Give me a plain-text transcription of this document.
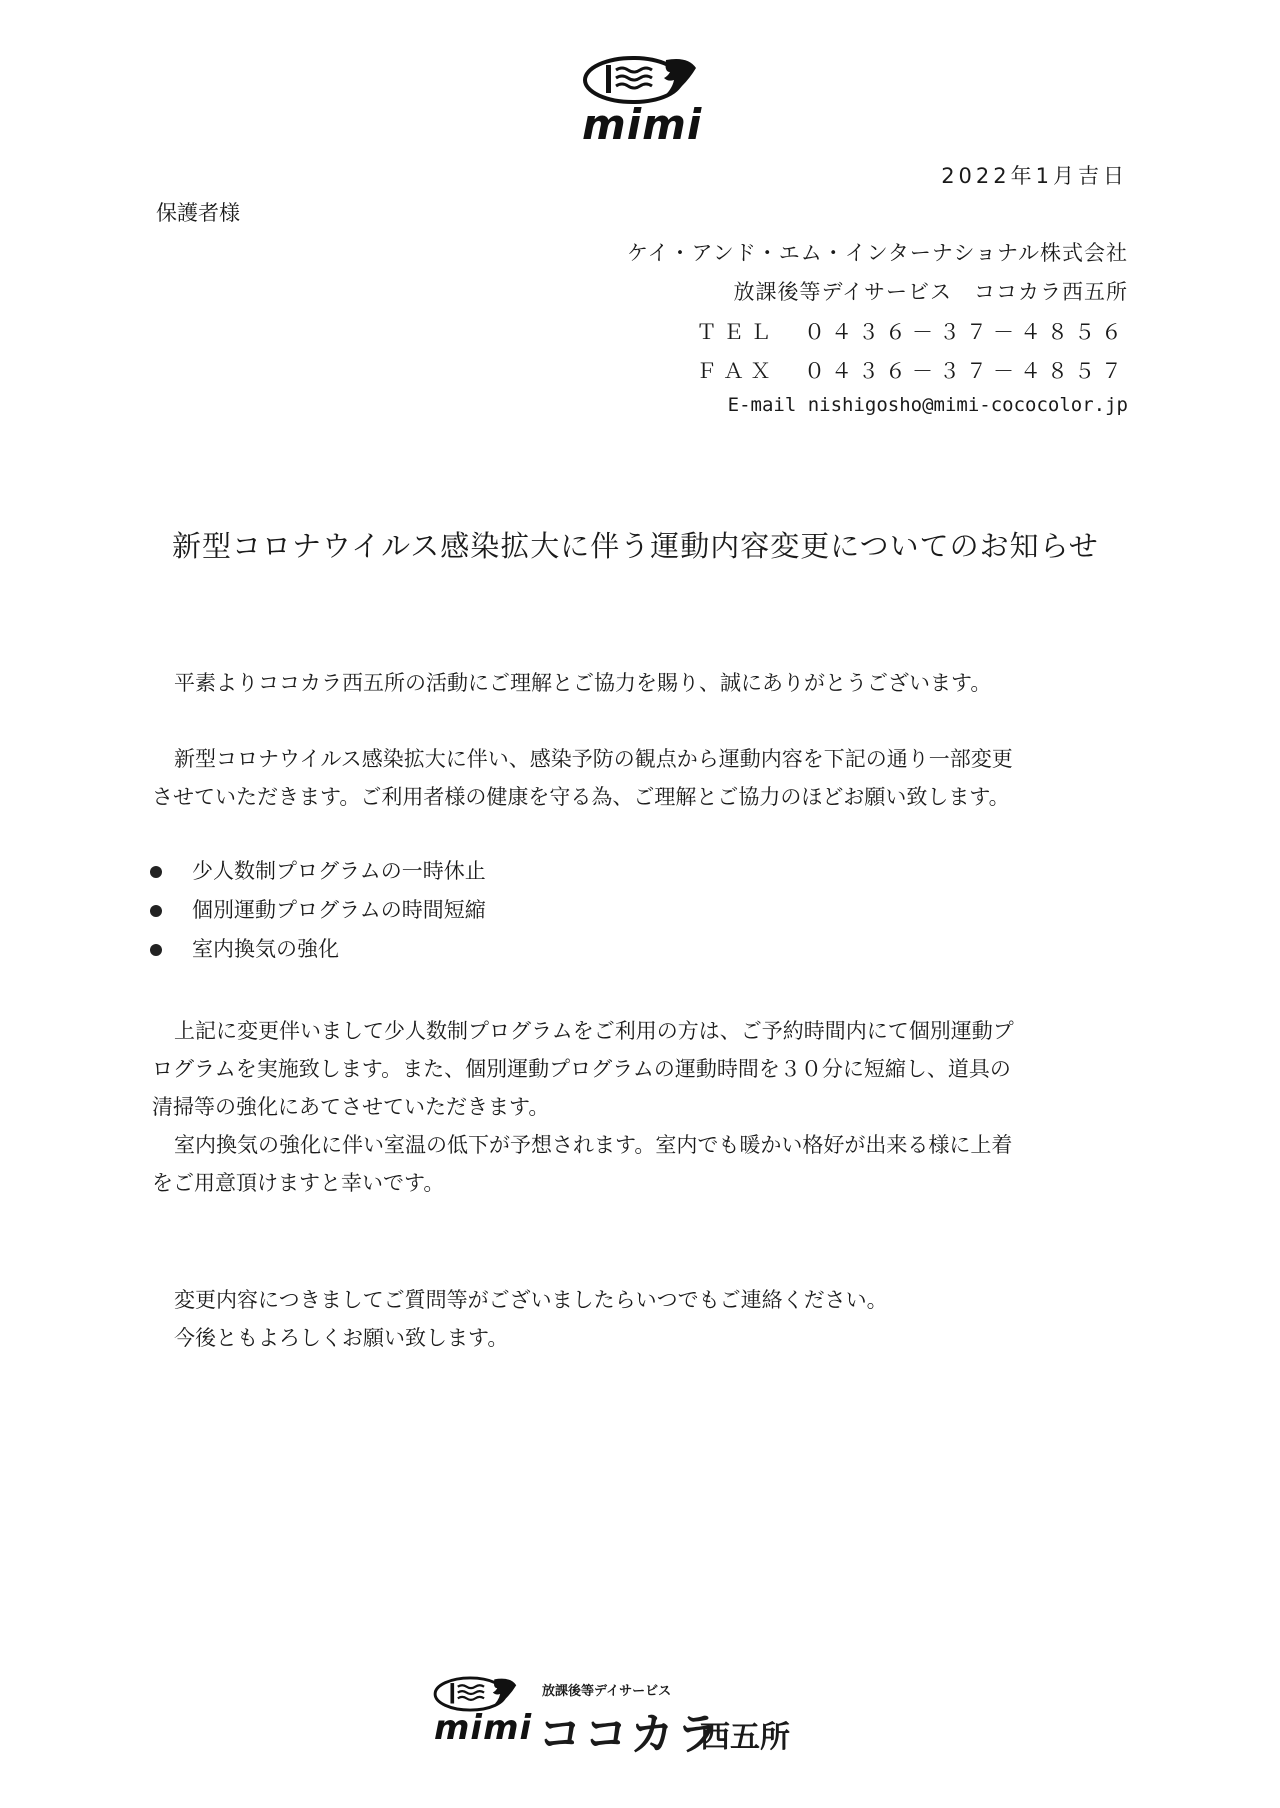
mimi
2022年1月吉日
保護者様
ケイ・アンド・エム・インターナショナル株式会社
放課後等デイサービス　ココカラ西五所
ＴＥＬ　０４３６－３７－４８５６
ＦＡＸ　０４３６－３７－４８５７
E-mail nishigosho@mimi-cococolor.jp
新型コロナウイルス感染拡大に伴う運動内容変更についてのお知らせ
平素よりココカラ西五所の活動にご理解とご協力を賜り、誠にありがとうございます。
新型コロナウイルス感染拡大に伴い、感染予防の観点から運動内容を下記の通り一部変更
させていただきます。ご利用者様の健康を守る為、ご理解とご協力のほどお願い致します。
少人数制プログラムの一時休止
個別運動プログラムの時間短縮
室内換気の強化
上記に変更伴いまして少人数制プログラムをご利用の方は、ご予約時間内にて個別運動プ
ログラムを実施致します。また、個別運動プログラムの運動時間を３０分に短縮し、道具の
清掃等の強化にあてさせていただきます。
室内換気の強化に伴い室温の低下が予想されます。室内でも暖かい格好が出来る様に上着
をご用意頂けますと幸いです。
変更内容につきましてご質問等がございましたらいつでもご連絡ください。
今後ともよろしくお願い致します。
mimi
放課後等デイサービス
ココカラ
西五所
